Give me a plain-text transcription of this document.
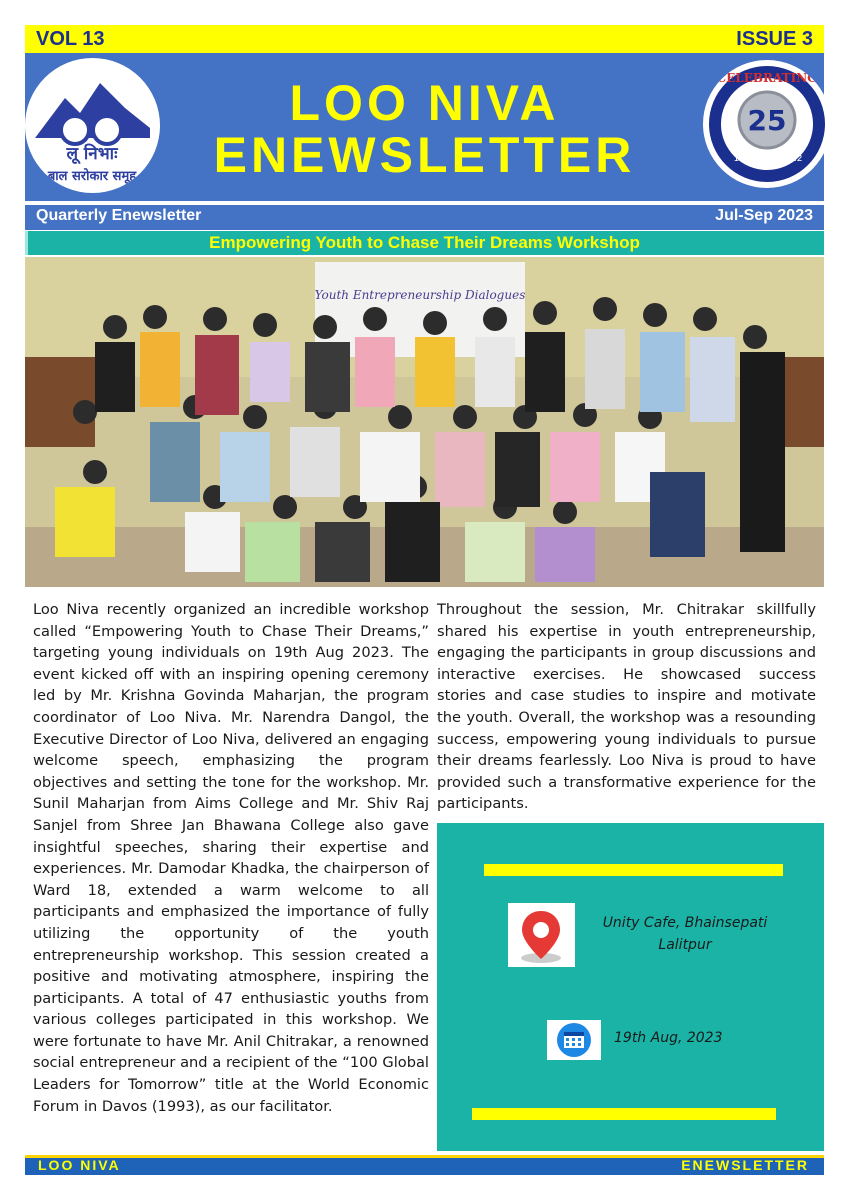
VOL 13	ISSUE 3
लू निभाः
बाल सरोकार समूह
LOO NIVA
ENEWSLETTER
25
CELEBRATING
1997	2022
Quarterly Enewsletter	Jul-Sep 2023
Empowering Youth to Chase Their Dreams Workshop
Youth Entrepreneurship Dialogues
Loo Niva recently organized an incredible workshop called “Empowering Youth to Chase Their Dreams,” targeting young individuals on 19th Aug 2023. The event kicked off with an inspiring opening ceremony led by Mr. Krishna Govinda Maharjan, the program coordinator of Loo Niva. Mr. Narendra Dangol, the Executive Director of Loo Niva, delivered an engaging welcome speech, emphasizing the program objectives and setting the tone for the workshop. Mr. Sunil Maharjan from Aims College and Mr. Shiv Raj Sanjel from Shree Jan Bhawana College also gave insightful speeches, sharing their expertise and experiences. Mr. Damodar Khadka, the chairperson of Ward 18, extended a warm welcome to all participants and emphasized the importance of fully utilizing the opportunity of the youth entrepreneurship workshop. This session created a positive and motivating atmosphere, inspiring the participants. A total of 47 enthusiastic youths from various colleges participated in this workshop. We were fortunate to have Mr. Anil Chitrakar, a renowned social entrepreneur and a recipient of the “100 Global Leaders for Tomorrow” title at the World Economic Forum in Davos (1993), as our facilitator.
Throughout the session, Mr. Chitrakar skillfully shared his expertise in youth entrepreneurship, engaging the participants in group discussions and interactive exercises. He showcased success stories and case studies to inspire and motivate the youth. Overall, the workshop was a resounding success, empowering young individuals to pursue their dreams fearlessly. Loo Niva is proud to have provided such a transformative experience for the participants.
Unity Cafe, Bhainsepati
Lalitpur
19th Aug, 2023
LOO NIVA	ENEWSLETTER
